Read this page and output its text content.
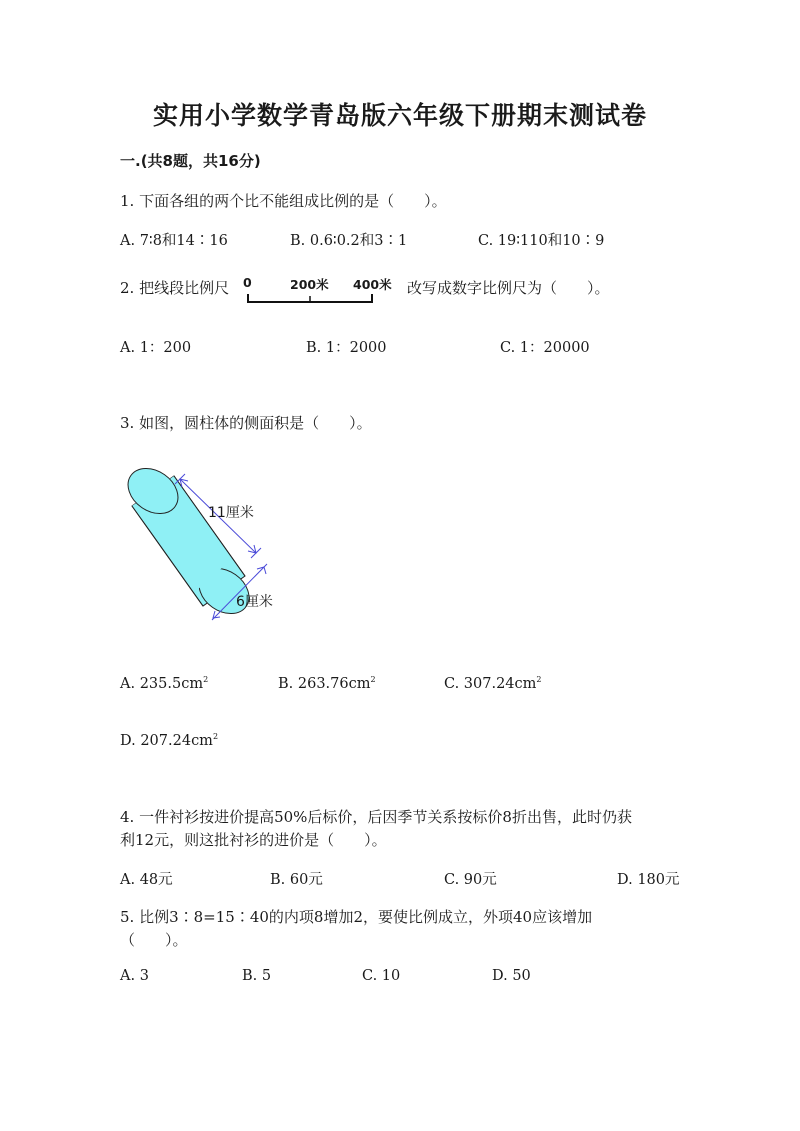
实用小学数学青岛版六年级下册期末测试卷
一.(共8题，共16分)
1. 下面各组的两个比不能组成比例的是（　　）。
A. 7∶8和14∶16	B. 0.6∶0.2和3∶1	C. 19∶110和10∶9
2. 把线段比例尺 0	200米 400米 改写成数字比例尺为（　　）。
A. 1：200	B. 1：2000	C. 1：20000
3. 如图，圆柱体的侧面积是（　　）。
11厘米
6厘米
A. $235.5cm^2$	B. $263.76cm^2$	C. $307.24cm^2$
D. $207.24cm^2$
4. 一件衬衫按进价提高50%后标价，后因季节关系按标价8折出售，此时仍获
利12元，则这批衬衫的进价是（　　）。
A. 48元	B. 60元	C. 90元	D. 180元
5. 比例3∶8=15∶40的内项8增加2，要使比例成立，外项40应该增加
（　　）。
A. 3	B. 5	C. 10	D. 50
